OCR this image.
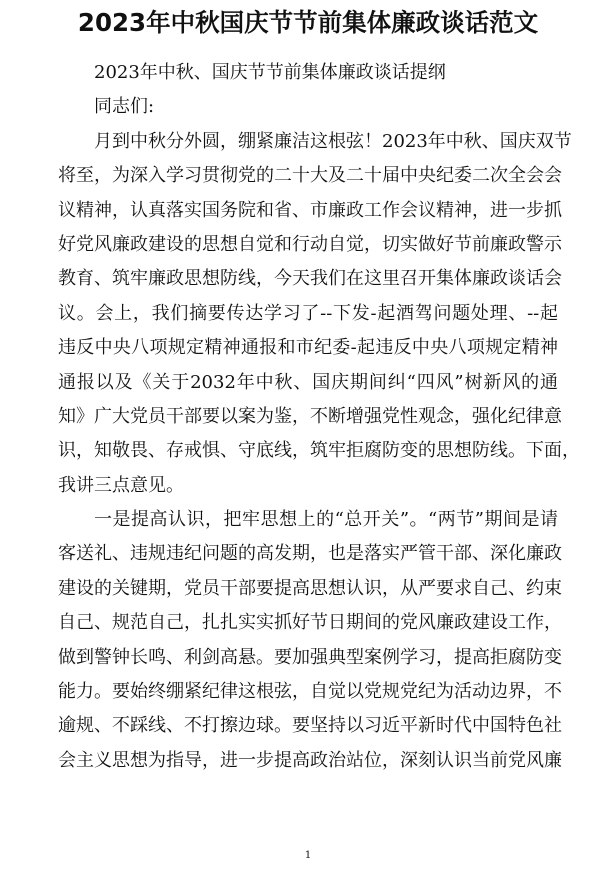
2023年中秋国庆节节前集体廉政谈话范文
2023年中秋、国庆节节前集体廉政谈话提纲
同志们:
月到中秋分外圆，绷紧廉洁这根弦！2023年中秋、国庆双节
将至，为深入学习贯彻党的二十大及二十届中央纪委二次全会会
议精神，认真落实国务院和省、市廉政工作会议精神，进一步抓
好党风廉政建设的思想自觉和行动自觉，切实做好节前廉政警示
教育、筑牢廉政思想防线，今天我们在这里召开集体廉政谈话会
议。会上，我们摘要传达学习了--下发-起酒驾问题处理、--起
违反中央八项规定精神通报和市纪委-起违反中央八项规定精神
通报以及《关于2032年中秋、国庆期间纠“四风”树新风的通
知》广大党员干部要以案为鉴，不断增强党性观念，强化纪律意
识，知敬畏、存戒惧、守底线，筑牢拒腐防变的思想防线。下面，
我讲三点意见。
一是提高认识，把牢思想上的“总开关”。“两节”期间是请
客送礼、违规违纪问题的高发期，也是落实严管干部、深化廉政
建设的关键期，党员干部要提高思想认识，从严要求自己、约束
自己、规范自己，扎扎实实抓好节日期间的党风廉政建设工作，
做到警钟长鸣、利剑高悬。要加强典型案例学习，提高拒腐防变
能力。要始终绷紧纪律这根弦，自觉以党规党纪为活动边界，不
逾规、不踩线、不打擦边球。要坚持以习近平新时代中国特色社
会主义思想为指导，进一步提高政治站位，深刻认识当前党风廉
1
